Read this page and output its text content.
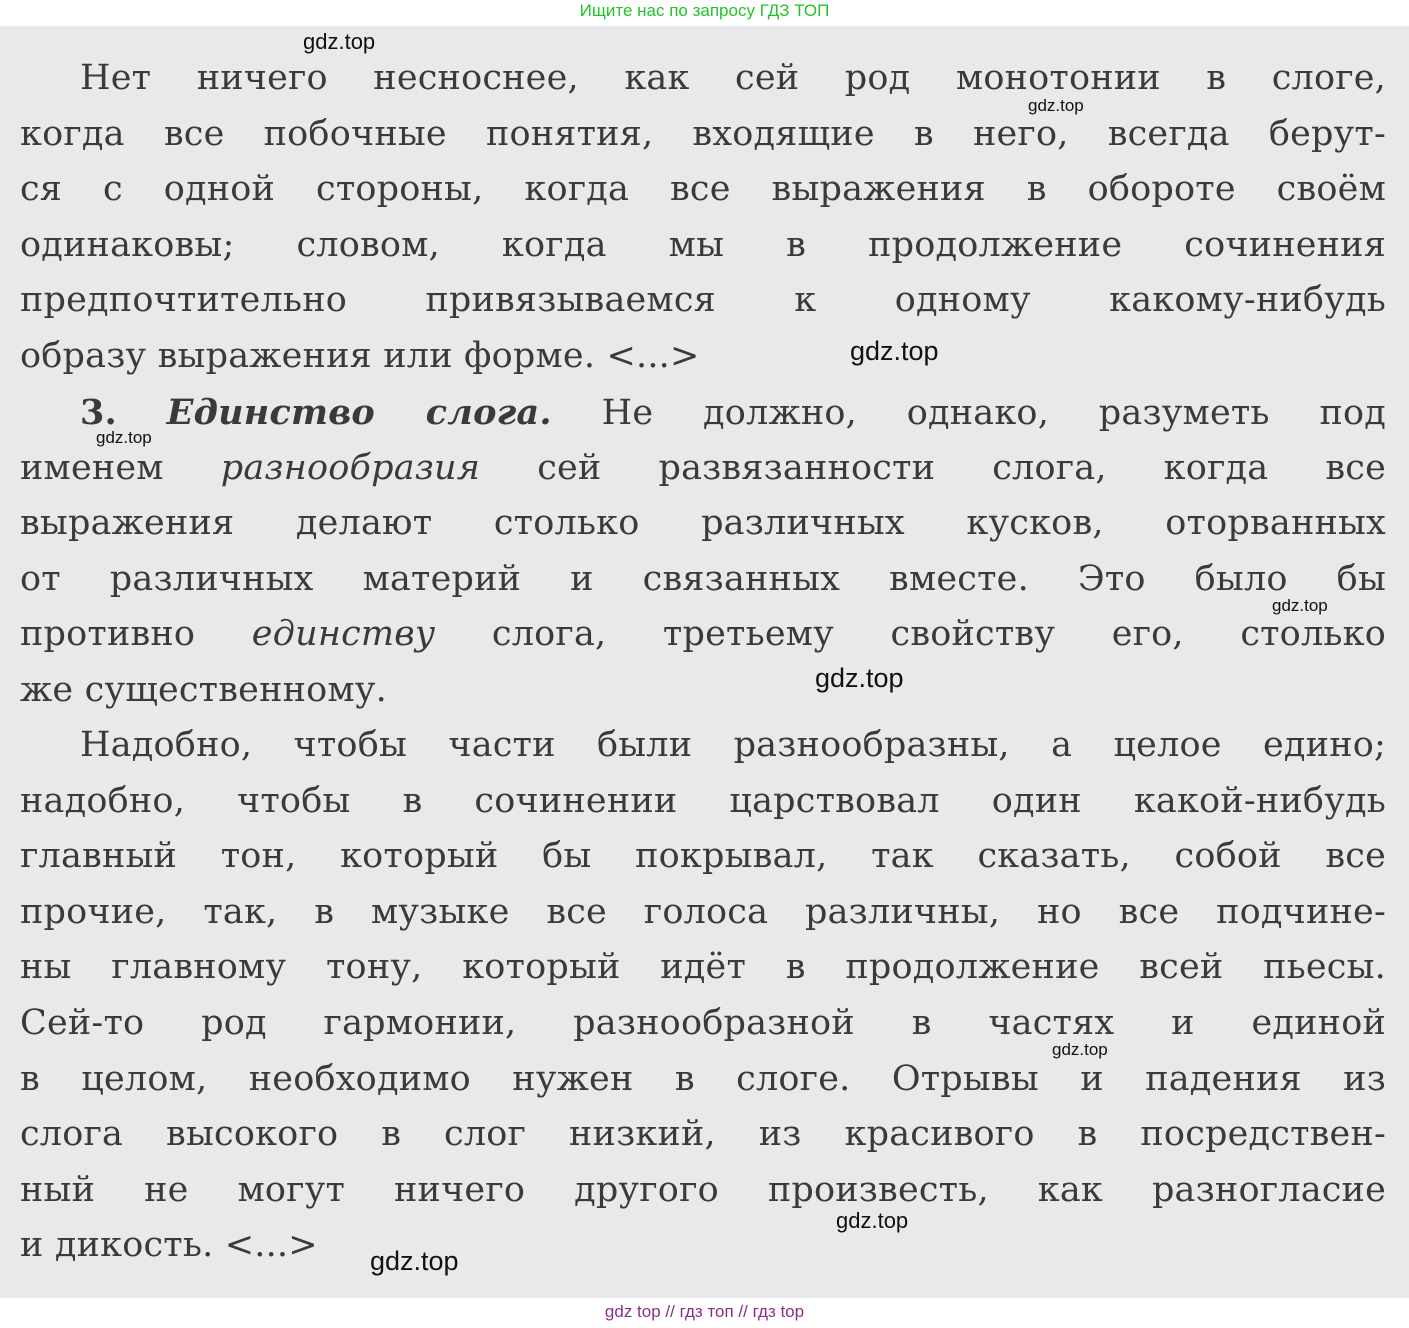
Ищите нас по запросу ГДЗ ТОП
Нет ничего несноснее, как сей род монотонии в слоге,
когда все побочные понятия, входящие в него, всегда берут-
ся с одной стороны, когда все выражения в обороте своём
одинаковы; словом, когда мы в продолжение сочинения
предпочтительно привязываемся к одному какому-нибудь
образу выражения или форме. <...>
3. Единство слога. Не должно, однако, разуметь под
именем разнообразия сей развязанности слога, когда все
выражения делают столько различных кусков, оторванных
от различных материй и связанных вместе. Это было бы
противно единству слога, третьему свойству его, столько
же существенному.
Надобно, чтобы части были разнообразны, а целое едино;
надобно, чтобы в сочинении царствовал один какой-нибудь
главный тон, который бы покрывал, так сказать, собой все
прочие, так, в музыке все голоса различны, но все подчине-
ны главному тону, который идёт в продолжение всей пьесы.
Сей-то род гармонии, разнообразной в частях и единой
в целом, необходимо нужен в слоге. Отрывы и падения из
слога высокого в слог низкий, из красивого в посредствен-
ный не могут ничего другого произвесть, как разногласие
и дикость. <...>
gdz.top
gdz.top
gdz.top
gdz.top
gdz.top
gdz.top
gdz.top
gdz.top
gdz.top
gdz top // гдз топ // гдз top
